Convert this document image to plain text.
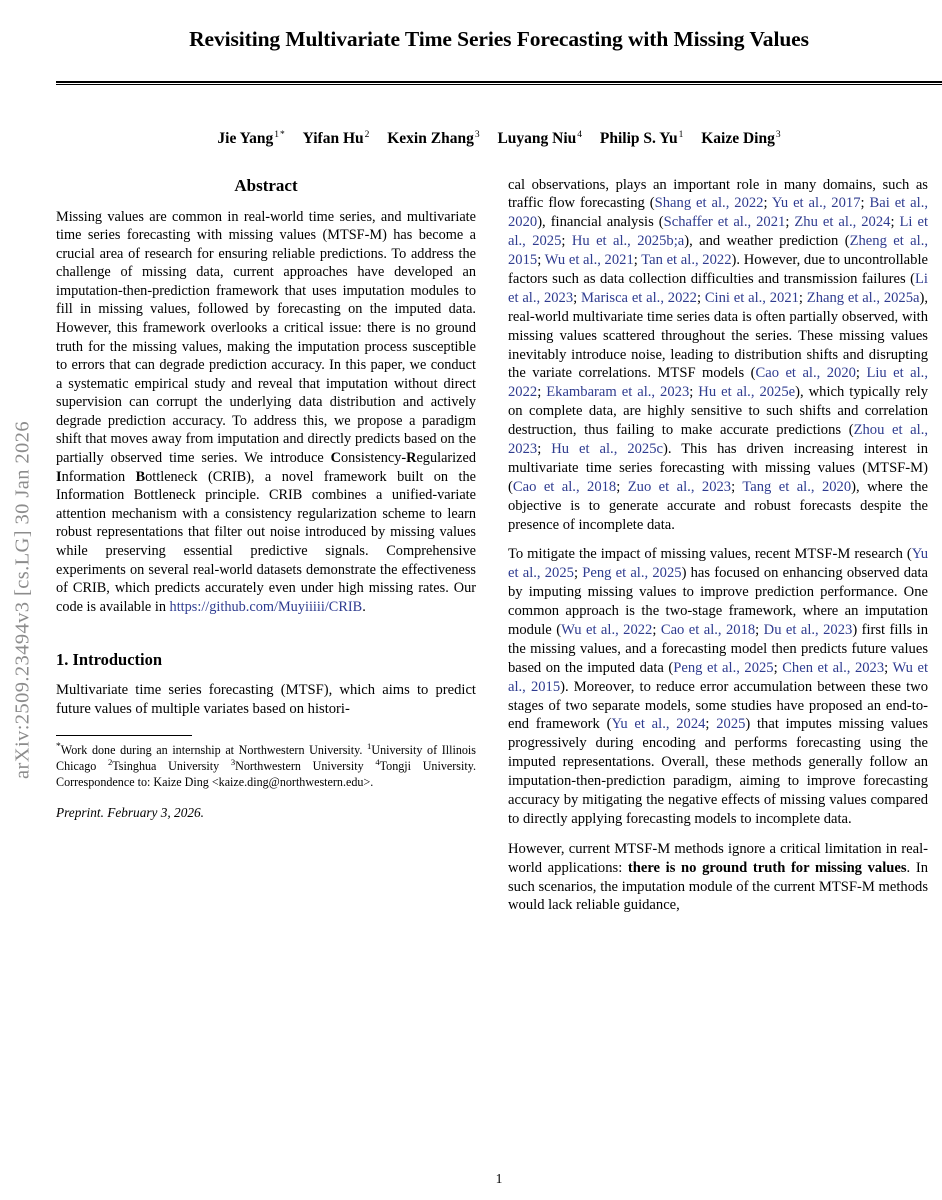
arXiv:2509.23494v3 [cs.LG] 30 Jan 2026
Revisiting Multivariate Time Series Forecasting with Missing Values
Jie Yang$^{1*}$ Yifan Hu$^2$ Kexin Zhang$^3$ Luyang Niu$^4$ Philip S. Yu$^1$ Kaize Ding$^3$
Abstract

Missing values are common in real-world time series, and multivariate time series forecasting with missing values (MTSF-M) has become a crucial area of research for ensuring reliable predictions. To address the challenge of missing data, current approaches have developed an imputation-then-prediction framework that uses imputation modules to fill in missing values, followed by forecasting on the imputed data. However, this framework overlooks a critical issue: there is no ground truth for the missing values, making the imputation process susceptible to errors that can degrade prediction accuracy. In this paper, we conduct a systematic empirical study and reveal that imputation without direct supervision can corrupt the underlying data distribution and actively degrade prediction accuracy. To address this, we propose a paradigm shift that moves away from imputation and directly predicts based on the partially observed time series. We introduce Consistency-Regularized Information Bottleneck (CRIB), a novel framework built on the Information Bottleneck principle. CRIB combines a unified-variate attention mechanism with a consistency regularization scheme to learn robust representations that filter out noise introduced by missing values while preserving essential predictive signals. Comprehensive experiments on several real-world datasets demonstrate the effectiveness of CRIB, which predicts accurately even under high missing rates. Our code is available in https://github.com/Muyiiiii/CRIB.

1. Introduction

Multivariate time series forecasting (MTSF), which aims to predict future values of multiple variates based on histori-

*Work done during an internship at Northwestern University. $^1$University of Illinois Chicago $^2$Tsinghua University $^3$Northwestern University $^4$Tongji University. Correspondence to: Kaize Ding <kaize.ding@northwestern.edu>.

Preprint. February 3, 2026.

cal observations, plays an important role in many domains, such as traffic flow forecasting (Shang et al., 2022; Yu et al., 2017; Bai et al., 2020), financial analysis (Schaffer et al., 2021; Zhu et al., 2024; Li et al., 2025; Hu et al., 2025b;a), and weather prediction (Zheng et al., 2015; Wu et al., 2021; Tan et al., 2022). However, due to uncontrollable factors such as data collection difficulties and transmission failures (Li et al., 2023; Marisca et al., 2022; Cini et al., 2021; Zhang et al., 2025a), real-world multivariate time series data is often partially observed, with missing values scattered throughout the series. These missing values inevitably introduce noise, leading to distribution shifts and disrupting the variate correlations. MTSF models (Cao et al., 2020; Liu et al., 2022; Ekambaram et al., 2023; Hu et al., 2025e), which typically rely on complete data, are highly sensitive to such shifts and correlation destruction, thus failing to make accurate predictions (Zhou et al., 2023; Hu et al., 2025c). This has driven increasing interest in multivariate time series forecasting with missing values (MTSF-M) (Cao et al., 2018; Zuo et al., 2023; Tang et al., 2020), where the objective is to generate accurate and robust forecasts despite the presence of incomplete data.

To mitigate the impact of missing values, recent MTSF-M research (Yu et al., 2025; Peng et al., 2025) has focused on enhancing observed data by imputing missing values to improve prediction performance. One common approach is the two-stage framework, where an imputation module (Wu et al., 2022; Cao et al., 2018; Du et al., 2023) first fills in the missing values, and a forecasting model then predicts future values based on the imputed data (Peng et al., 2025; Chen et al., 2023; Wu et al., 2015). Moreover, to reduce error accumulation between these two stages of two separate models, some studies have proposed an end-to-end framework (Yu et al., 2024; 2025) that imputes missing values progressively during encoding and performs forecasting using the imputed representations. Overall, these methods generally follow an imputation-then-prediction paradigm, aiming to improve forecasting accuracy by mitigating the negative effects of missing values compared to directly applying forecasting models to incomplete data.

However, current MTSF-M methods ignore a critical limitation in real-world applications: there is no ground truth for missing values. In such scenarios, the imputation module of the current MTSF-M methods would lack reliable guidance,

1
